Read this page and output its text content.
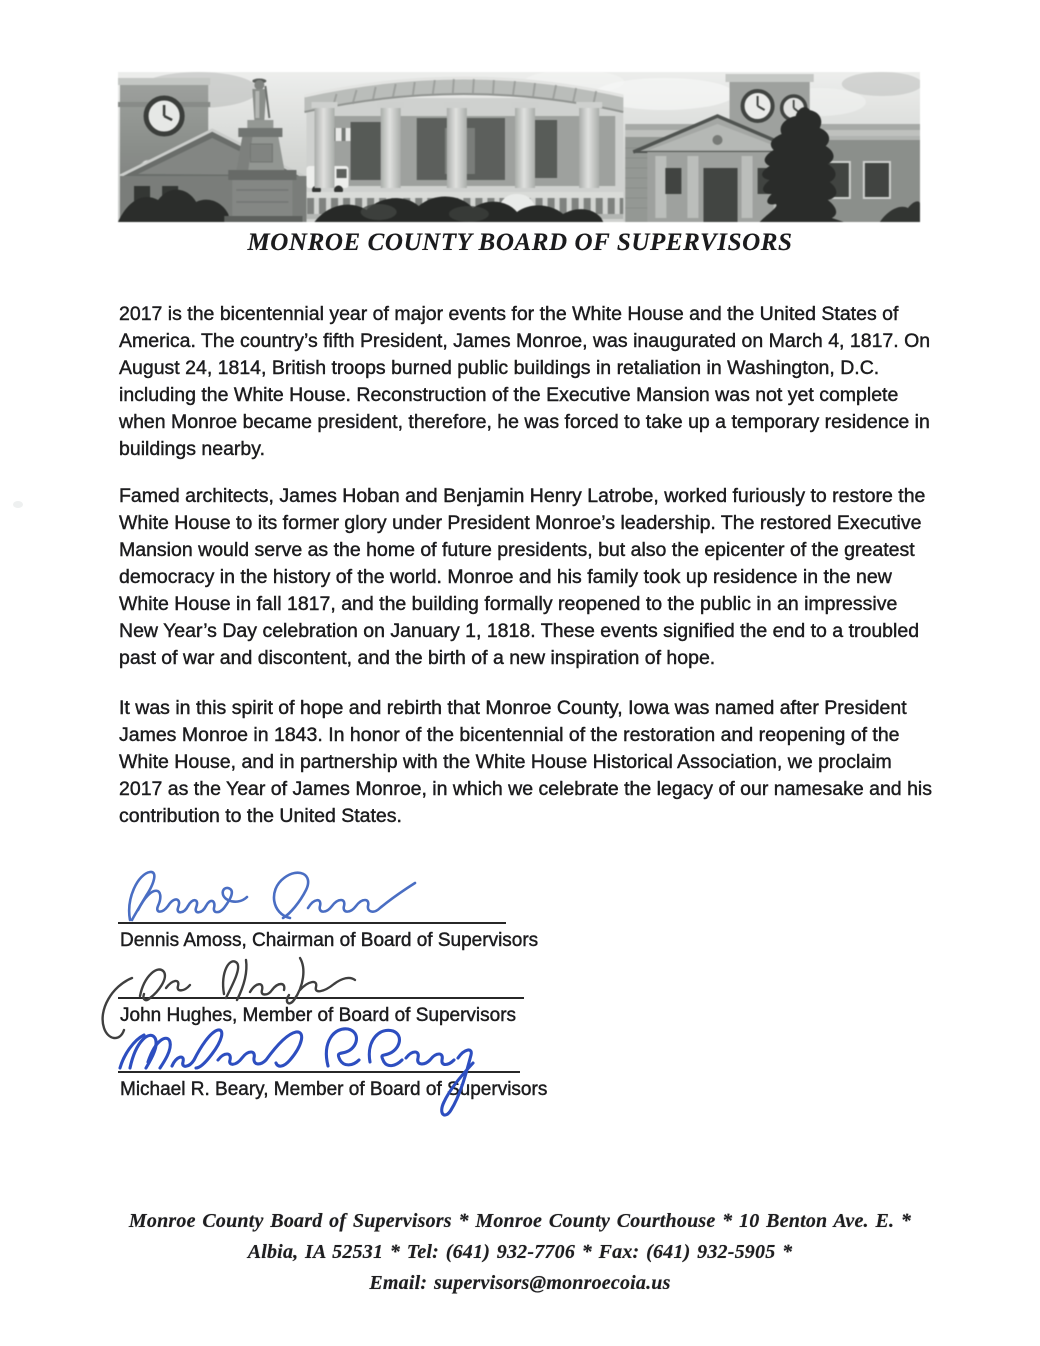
MONROE COUNTY BOARD OF SUPERVISORS

2017 is the bicentennial year of major events for the White House and the United States of America. The country’s fifth President, James Monroe, was inaugurated on March 4, 1817. On August 24, 1814, British troops burned public buildings in retaliation in Washington, D.C. including the White House. Reconstruction of the Executive Mansion was not yet complete when Monroe became president, therefore, he was forced to take up a temporary residence in buildings nearby.

Famed architects, James Hoban and Benjamin Henry Latrobe, worked furiously to restore the White House to its former glory under President Monroe’s leadership. The restored Executive Mansion would serve as the home of future presidents, but also the epicenter of the greatest democracy in the history of the world. Monroe and his family took up residence in the new White House in fall 1817, and the building formally reopened to the public in an impressive New Year’s Day celebration on January 1, 1818. These events signified the end to a troubled past of war and discontent, and the birth of a new inspiration of hope.

It was in this spirit of hope and rebirth that Monroe County, Iowa was named after President James Monroe in 1843. In honor of the bicentennial of the restoration and reopening of the White House, and in partnership with the White House Historical Association, we proclaim 2017 as the Year of James Monroe, in which we celebrate the legacy of our namesake and his contribution to the United States.

Dennis Amoss, Chairman of Board of Supervisors
John Hughes, Member of Board of Supervisors
Michael R. Beary, Member of Board of Supervisors
Monroe County Board of Supervisors * Monroe County Courthouse * 10 Benton Ave. E. *
Albia, IA 52531 * Tel: (641) 932-7706 * Fax: (641) 932-5905 *
Email: supervisors@monroecoia.us
